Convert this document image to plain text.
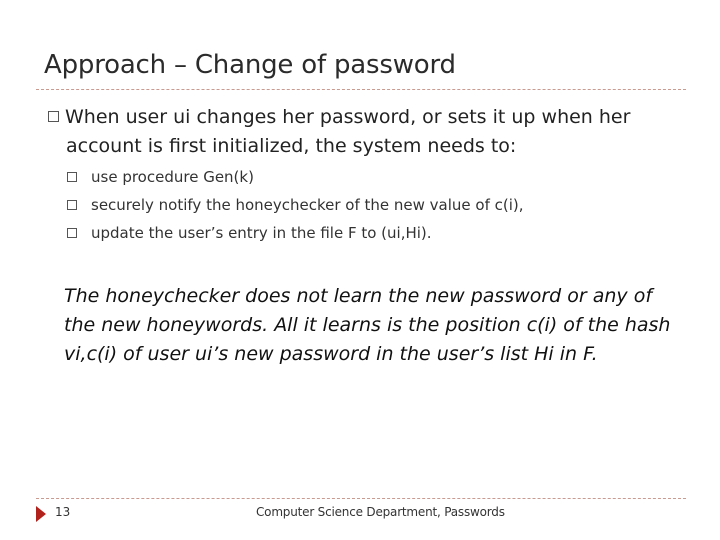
Approach – Change of password
When user ui changes her password, or sets it up when her
account is first initialized, the system needs to:
use procedure Gen(k)
securely notify the honeychecker of the new value of c(i),
update the user’s entry in the file F to (ui,Hi).
The honeychecker does not learn the new password or any of
the new honeywords. All it learns is the position c(i) of the hash
vi,c(i) of user ui’s new password in the user’s list Hi in F.
13	Computer Science Department, Passwords
